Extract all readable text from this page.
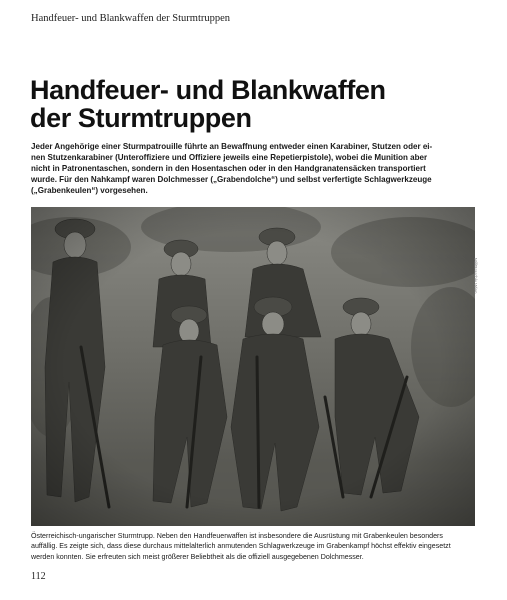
Handfeuer- und Blankwaffen der Sturmtruppen
Handfeuer- und Blankwaffen
der Sturmtruppen
Jeder Angehörige einer Sturmpatrouille führte an Bewaffnung entweder einen Karabiner, Stutzen oder ei-
nen Stutzenkarabiner (Unteroffiziere und Offiziere jeweils eine Repetierpistole), wobei die Munition aber
nicht in Patronentaschen, sondern in den Hosentaschen oder in den Handgranatensäcken transportiert
wurde. Für den Nahkampf waren Dolchmesser („Grabendolche“) und selbst verfertigte Schlagwerkzeuge
(„Grabenkeulen“) vorgesehen.
Militärarchiv Wien
Österreichisch-ungarischer Sturmtrupp. Neben den Handfeuerwaffen ist insbesondere die Ausrüstung mit Grabenkeulen besonders
auffällig. Es zeigte sich, dass diese durchaus mittelalterlich anmutenden Schlagwerkzeuge im Grabenkampf höchst effektiv eingesetzt
werden konnten. Sie erfreuten sich meist größerer Beliebtheit als die offiziell ausgegebenen Dolchmesser.
112
